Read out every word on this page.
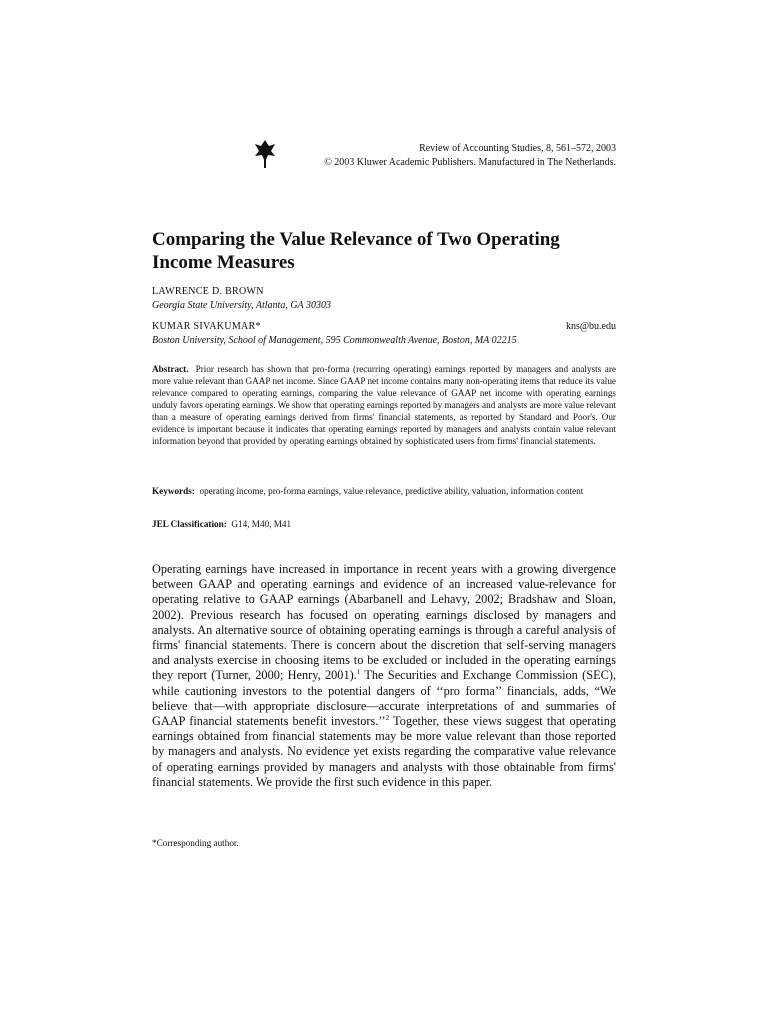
Review of Accounting Studies, 8, 561–572, 2003
© 2003 Kluwer Academic Publishers. Manufactured in The Netherlands.
Comparing the Value Relevance of Two Operating Income Measures
LAWRENCE D. BROWN
Georgia State University, Atlanta, GA 30303
KUMAR SIVAKUMAR*	kns@bu.edu
Boston University, School of Management, 595 Commonwealth Avenue, Boston, MA 02215
Abstract. Prior research has shown that pro-forma (recurring operating) earnings reported by managers and analysts are more value relevant than GAAP net income. Since GAAP net income contains many non-operating items that reduce its value relevance compared to operating earnings, comparing the value relevance of GAAP net income with operating earnings unduly favors operating earnings. We show that operating earnings reported by managers and analysts are more value relevant than a measure of operating earnings derived from firms' financial statements, as reported by Standard and Poor's. Our evidence is important because it indicates that operating earnings reported by managers and analysts contain value relevant information beyond that provided by operating earnings obtained by sophisticated users from firms' financial statements.
Keywords: operating income, pro-forma earnings, value relevance, predictive ability, valuation, information content
JEL Classification: G14, M40, M41
Operating earnings have increased in importance in recent years with a growing divergence between GAAP and operating earnings and evidence of an increased value-relevance for operating relative to GAAP earnings (Abarbanell and Lehavy, 2002; Bradshaw and Sloan, 2002). Previous research has focused on operating earnings disclosed by managers and analysts. An alternative source of obtaining operating earnings is through a careful analysis of firms' financial statements. There is concern about the discretion that self-serving managers and analysts exercise in choosing items to be excluded or included in the operating earnings they report (Turner, 2000; Henry, 2001).$^1$ The Securities and Exchange Commission (SEC), while cautioning investors to the potential dangers of ‘‘pro forma’’ financials, adds, “We believe that—with appropriate disclosure—accurate interpretations of and summaries of GAAP financial statements benefit investors.’’$^2$ Together, these views suggest that operating earnings obtained from financial statements may be more value relevant than those reported by managers and analysts. No evidence yet exists regarding the comparative value relevance of operating earnings provided by managers and analysts with those obtainable from firms' financial statements. We provide the first such evidence in this paper.
*Corresponding author.
